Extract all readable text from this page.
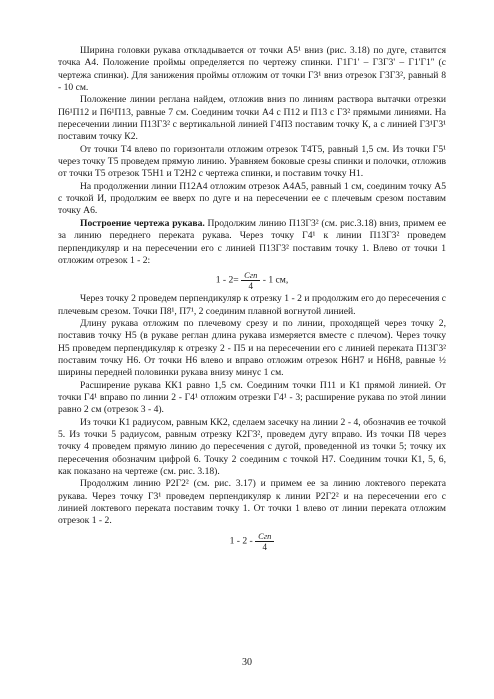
Ширина головки рукава откладывается от точки А5¹ вниз (рис. 3.18) по дуге, ставится точка А4. Положение проймы определяется по чертежу спинки. Г1Г1' – Г3Г3' – Г1'Г1'' (с чертежа спинки). Для занижения проймы отложим от точки Г3¹ вниз отрезок Г3Г3², равный 8 - 10 см.

Положение линии реглана найдем, отложив вниз по линиям раствора вытачки отрезки П6¹П12 и П6¹П13, равные 7 см. Соединим точки А4 с П12 и П13 с Г3² прямыми линиями. На пересечении линии П13Г3² с вертикальной линией Г4П3 поставим точку К, а с линией Г3¹Г3¹ поставим точку К2.

От точки Т4 влево по горизонтали отложим отрезок Т4Т5, равный 1,5 см. Из точки Г5¹ через точку Т5 проведем прямую линию. Уравняем боковые срезы спинки и полочки, отложив от точки Т5 отрезок Т5Н1 и Т2Н2 с чертежа спинки, и поставим точку Н1.

На продолжении линии П12А4 отложим отрезок А4А5, равный 1 см, соединим точку А5 с точкой И, продолжим ее вверх по дуге и на пересечении ее с плечевым срезом поставим точку А6.

Построение чертежа рукава. Продолжим линию П13Г3² (см. рис.3.18) вниз, примем ее за линию переднего переката рукава. Через точку Г4¹ к линии П13Г3² проведем перпендикуляр и на пересечении его с линией П13Г3² поставим точку 1. Влево от точки 1 отложим отрезок 1 - 2:

$1 - 2= \frac{\text{Сгп}}{4} - 1$ см,

Через точку 2 проведем перпендикуляр к отрезку 1 - 2 и продолжим его до пересечения с плечевым срезом. Точки П8¹, П7¹, 2 соединим плавной вогнутой линией.

Длину рукава отложим по плечевому срезу и по линии, проходящей через точку 2, поставив точку Н5 (в рукаве реглан длина рукава измеряется вместе с плечом). Через точку Н5 проведем перпендикуляр к отрезку 2 - П5 и на пересечении его с линией переката П13Г3² поставим точку Н6. От точки Н6 влево и вправо отложим отрезок Н6Н7 и Н6Н8, равные ½ ширины передней половинки рукава внизу минус 1 см.

Расширение рукава КК1 равно 1,5 см. Соединим точки П11 и К1 прямой линией. От точки Г4¹ вправо по линии 2 - Г4¹ отложим отрезки Г4¹ - 3; расширение рукава по этой линии равно 2 см (отрезок 3 - 4).

Из точки К1 радиусом, равным КК2, сделаем засечку на линии 2 - 4, обозначив ее точкой 5. Из точки 5 радиусом, равным отрезку К2Г3², проведем дугу вправо. Из точки П8 через точку 4 проведем прямую линию до пересечения с дугой, проведенной из точки 5; точку их пересечения обозначим цифрой 6. Точку 2 соединим с точкой Н7. Соединим точки К1, 5, 6, как показано на чертеже (см. рис. 3.18).

Продолжим линию Р2Г2² (см. рис. 3.17) и примем ее за линию локтевого переката рукава. Через точку Г3¹ проведем перпендикуляр к линии Р2Г2² и на пересечении его с линией локтевого переката поставим точку 1. От точки 1 влево от линии переката отложим отрезок 1 - 2.

$1 - 2 - \frac{\text{Сгп}}{4}$
30
